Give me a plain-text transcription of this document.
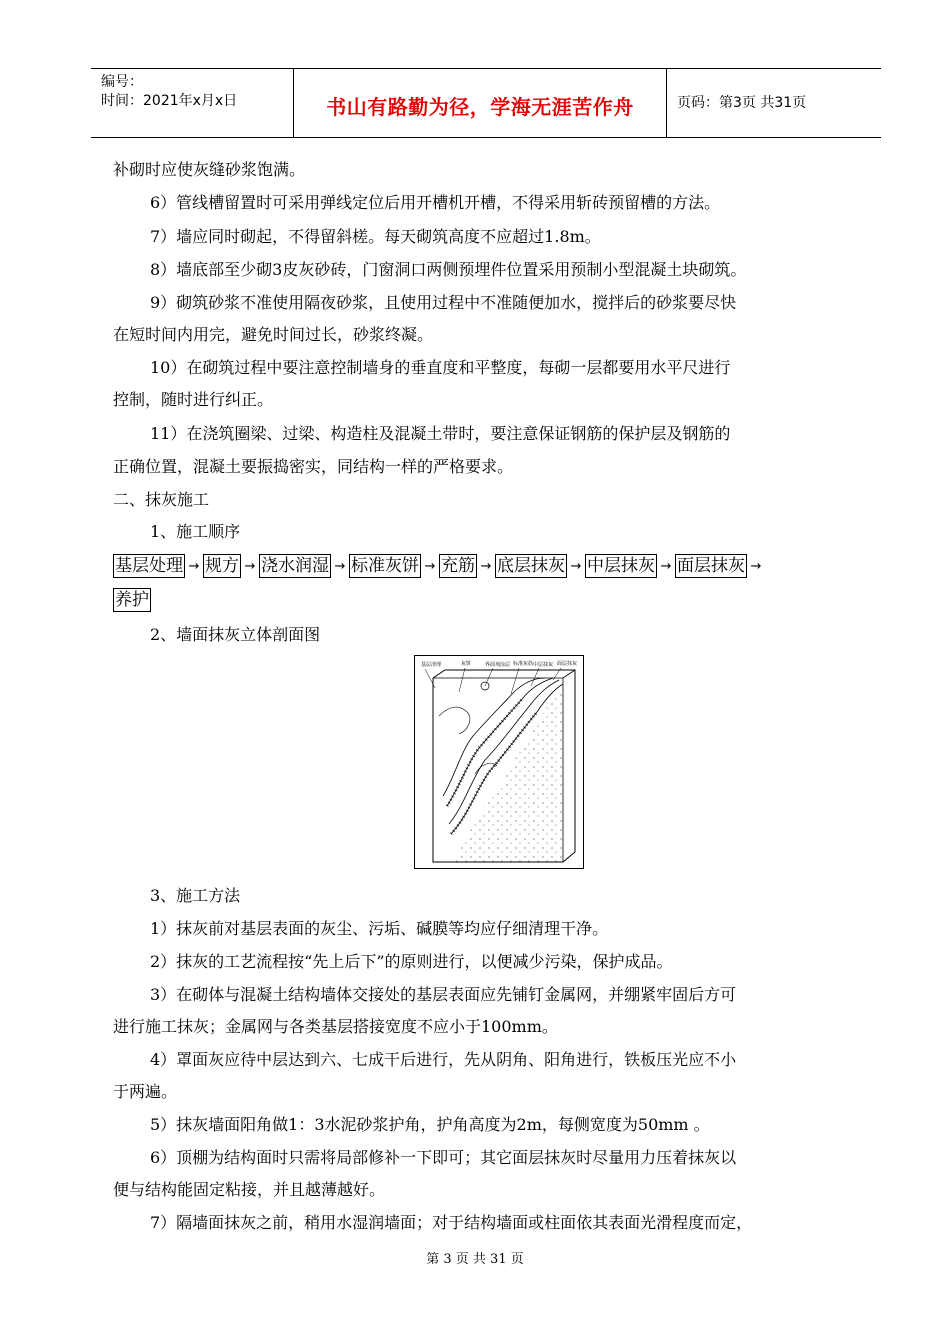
编号：
时间：2021年x月x日	书山有路勤为径，学海无涯苦作舟	页码：第3页 共31页
补砌时应使灰缝砂浆饱满。
6）管线槽留置时可采用弹线定位后用开槽机开槽，不得采用斩砖预留槽的方法。
7）墙应同时砌起，不得留斜槎。每天砌筑高度不应超过1.8m。
8）墙底部至少砌3皮灰砂砖，门窗洞口两侧预埋件位置采用预制小型混凝土块砌筑。
9）砌筑砂浆不准使用隔夜砂浆，且使用过程中不准随便加水，搅拌后的砂浆要尽快
在短时间内用完，避免时间过长，砂浆终凝。
10）在砌筑过程中要注意控制墙身的垂直度和平整度，每砌一层都要用水平尺进行
控制，随时进行纠正。
11）在浇筑圈梁、过梁、构造柱及混凝土带时，要注意保证钢筋的保护层及钢筋的
正确位置，混凝土要振捣密实，同结构一样的严格要求。
二、抹灰施工
1、施工顺序
基层处理 → 规方 → 浇水润湿 → 标准灰饼 → 充筋 → 底层抹灰 → 中层抹灰 → 面层抹灰 →
养护
2、墙面抹灰立体剖面图
基层清理	灰饼	界面剂涂层 标准灰筋 中层抹灰 面层抹灰
3、施工方法
1）抹灰前对基层表面的灰尘、污垢、碱膜等均应仔细清理干净。
2）抹灰的工艺流程按“先上后下”的原则进行，以便减少污染，保护成品。
3）在砌体与混凝土结构墙体交接处的基层表面应先铺钉金属网，并绷紧牢固后方可
进行施工抹灰；金属网与各类基层搭接宽度不应小于100mm。
4）罩面灰应待中层达到六、七成干后进行，先从阴角、阳角进行，铁板压光应不小
于两遍。
5）抹灰墙面阳角做1：3水泥砂浆护角，护角高度为2m，每侧宽度为50mm 。
6）顶棚为结构面时只需将局部修补一下即可；其它面层抹灰时尽量用力压着抹灰以
便与结构能固定粘接，并且越薄越好。
7）隔墙面抹灰之前，稍用水湿润墙面；对于结构墙面或柱面依其表面光滑程度而定，
第 3 页 共 31 页
